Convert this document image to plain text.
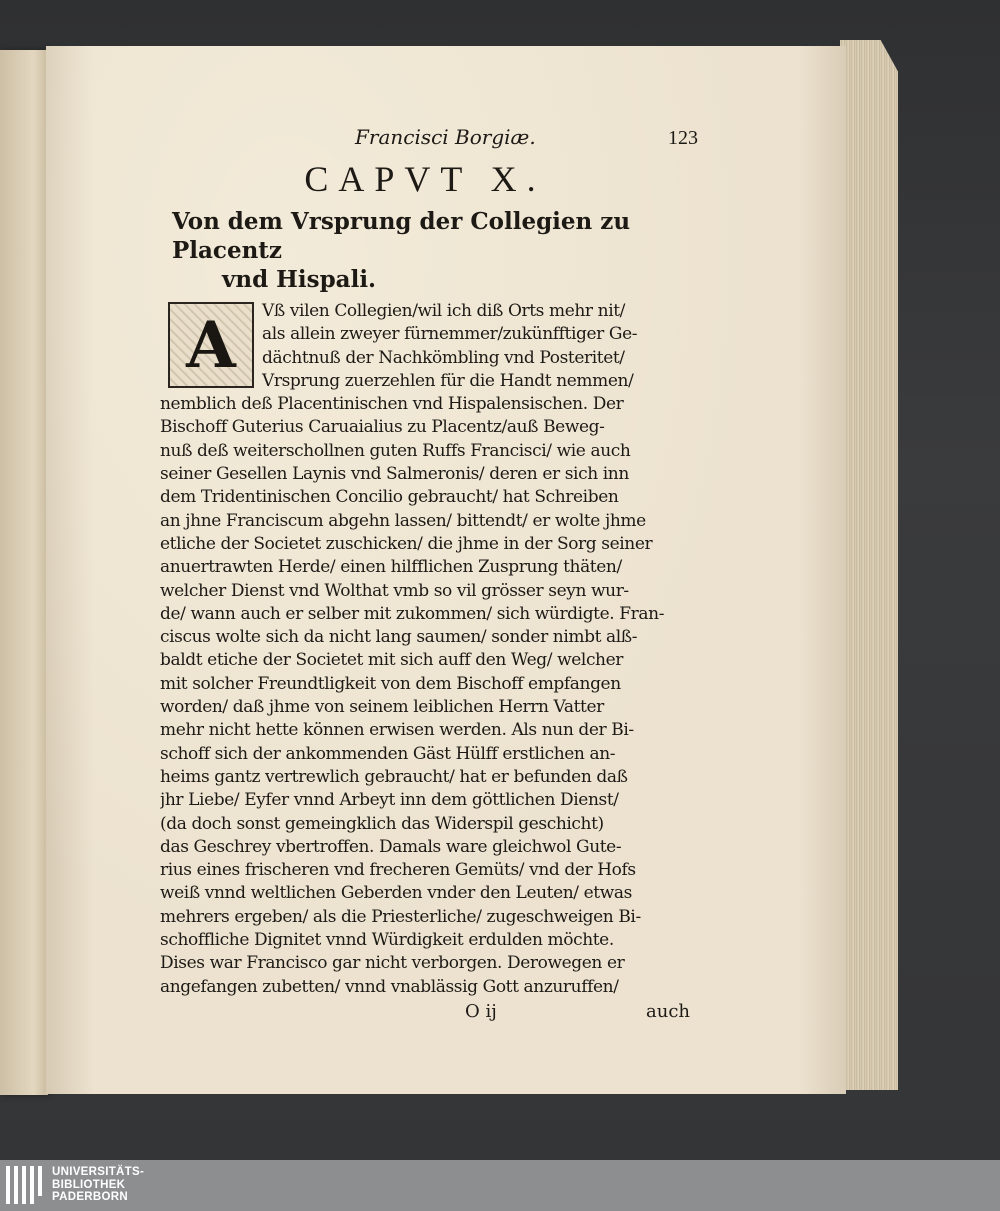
Francisci Borgiæ.	123
CAPVT X.
Von dem Vrsprung der Collegien zu Placentz
vnd Hispali.
A	Vß vilen Collegien/wil ich diß Orts mehr nit/
als allein zweyer fürnemmer/zukünfftiger Ge-
dächtnuß der Nachkömbling vnd Posteritet/
Vrsprung zuerzehlen für die Handt nemmen/
nemblich deß Placentinischen vnd Hispalensischen. Der
Bischoff Guterius Caruaialius zu Placentz/auß Beweg-
nuß deß weiterschollnen guten Ruffs Francisci/ wie auch
seiner Gesellen Laynis vnd Salmeronis/ deren er sich inn
dem Tridentinischen Concilio gebraucht/ hat Schreiben
an jhne Franciscum abgehn lassen/ bittendt/ er wolte jhme
etliche der Societet zuschicken/ die jhme in der Sorg seiner
anuertrawten Herde/ einen hilfflichen Zusprung thäten/
welcher Dienst vnd Wolthat vmb so vil grösser seyn wur-
de/ wann auch er selber mit zukommen/ sich würdigte. Fran-
ciscus wolte sich da nicht lang saumen/ sonder nimbt alß-
baldt etiche der Societet mit sich auff den Weg/ welcher
mit solcher Freundtligkeit von dem Bischoff empfangen
worden/ daß jhme von seinem leiblichen Herrn Vatter
mehr nicht hette können erwisen werden. Als nun der Bi-
schoff sich der ankommenden Gäst Hülff erstlichen an-
heims gantz vertrewlich gebraucht/ hat er befunden daß
jhr Liebe/ Eyfer vnnd Arbeyt inn dem göttlichen Dienst/
(da doch sonst gemeingklich das Widerspil geschicht)
das Geschrey vbertroffen. Damals ware gleichwol Gute-
rius eines frischeren vnd frecheren Gemüts/ vnd der Hofs
weiß vnnd weltlichen Geberden vnder den Leuten/ etwas
mehrers ergeben/ als die Priesterliche/ zugeschweigen Bi-
schoffliche Dignitet vnnd Würdigkeit erdulden möchte.
Dises war Francisco gar nicht verborgen. Derowegen er
angefangen zubetten/ vnnd vnablässig Gott anzuruffen/
O ij	auch
UNIVERSITÄTS-
BIBLIOTHEK
PADERBORN
